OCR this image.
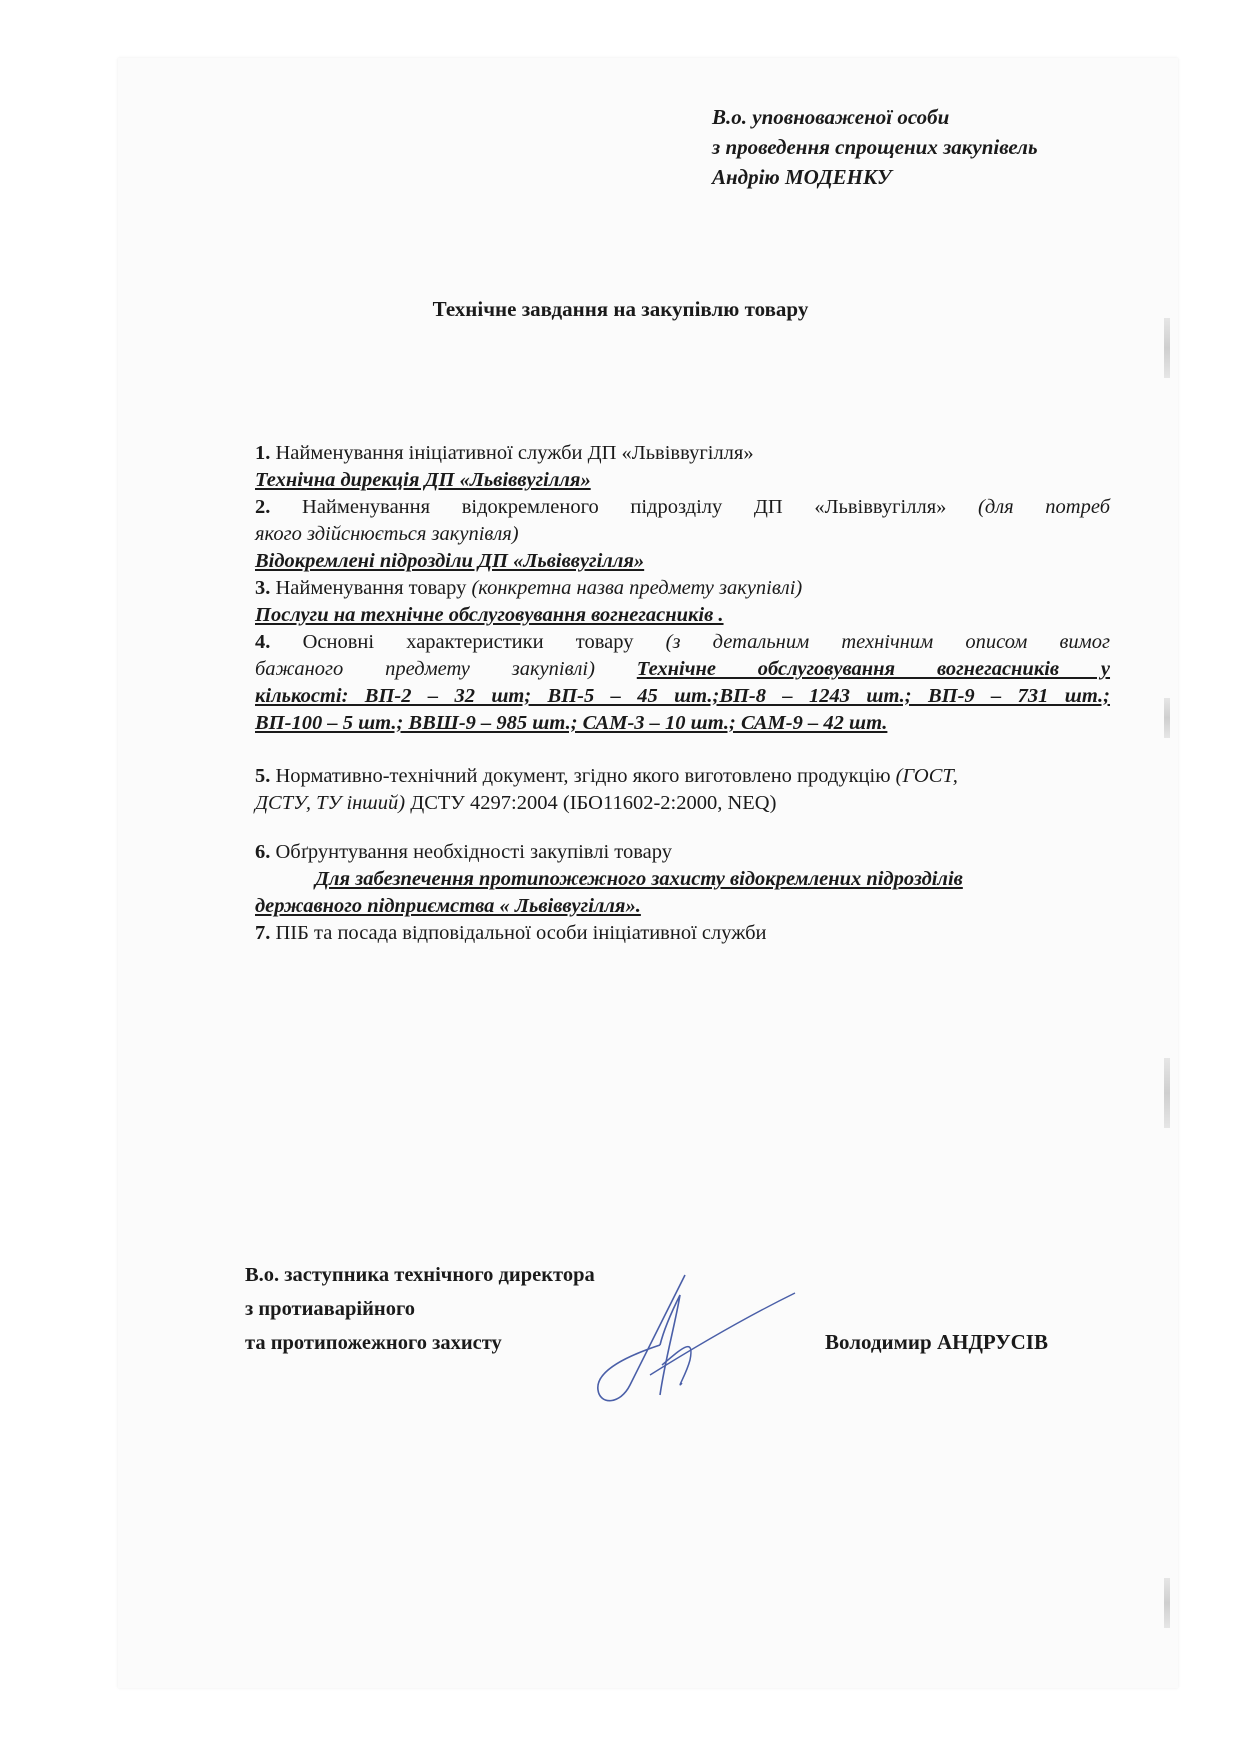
В.о. уповноваженої особи
з проведення спрощених закупівель
Андрію МОДЕНКУ
Технічне завдання на закупівлю товару
1. Найменування ініціативної служби ДП «Львіввугілля»
Технічна дирекція ДП «Львіввугілля»
2. Найменування відокремленого підрозділу ДП «Львіввугілля» (для потреб
якого здійснюється закупівля)
Відокремлені підрозділи ДП «Львіввугілля»
3. Найменування товару (конкретна назва предмету закупівлі)
Послуги на технічне обслуговування вогнегасників .
4. Основні характеристики товару (з детальним технічним описом вимог
бажаного предмету закупівлі) Технічне обслуговування вогнегасників у
кількості: ВП-2 – 32 шт; ВП-5 – 45 шт.;ВП-8 – 1243 шт.; ВП-9 – 731 шт.;
ВП-100 – 5 шт.; ВВШ-9 – 985 шт.; САМ-3 – 10 шт.; САМ-9 – 42 шт.
5. Нормативно-технічний документ, згідно якого виготовлено продукцію (ГОСТ,
ДСТУ, ТУ інший) ДСТУ 4297:2004 (ІБО11602-2:2000, NEQ)
6. Обґрунтування необхідності закупівлі товару
Для забезпечення протипожежного захисту відокремлених підрозділів
державного підприємства « Львіввугілля».
7. ПІБ та посада відповідальної особи ініціативної служби
В.о. заступника технічного директора
з протиаварійного
та протипожежного захисту	Володимир АНДРУСІВ
